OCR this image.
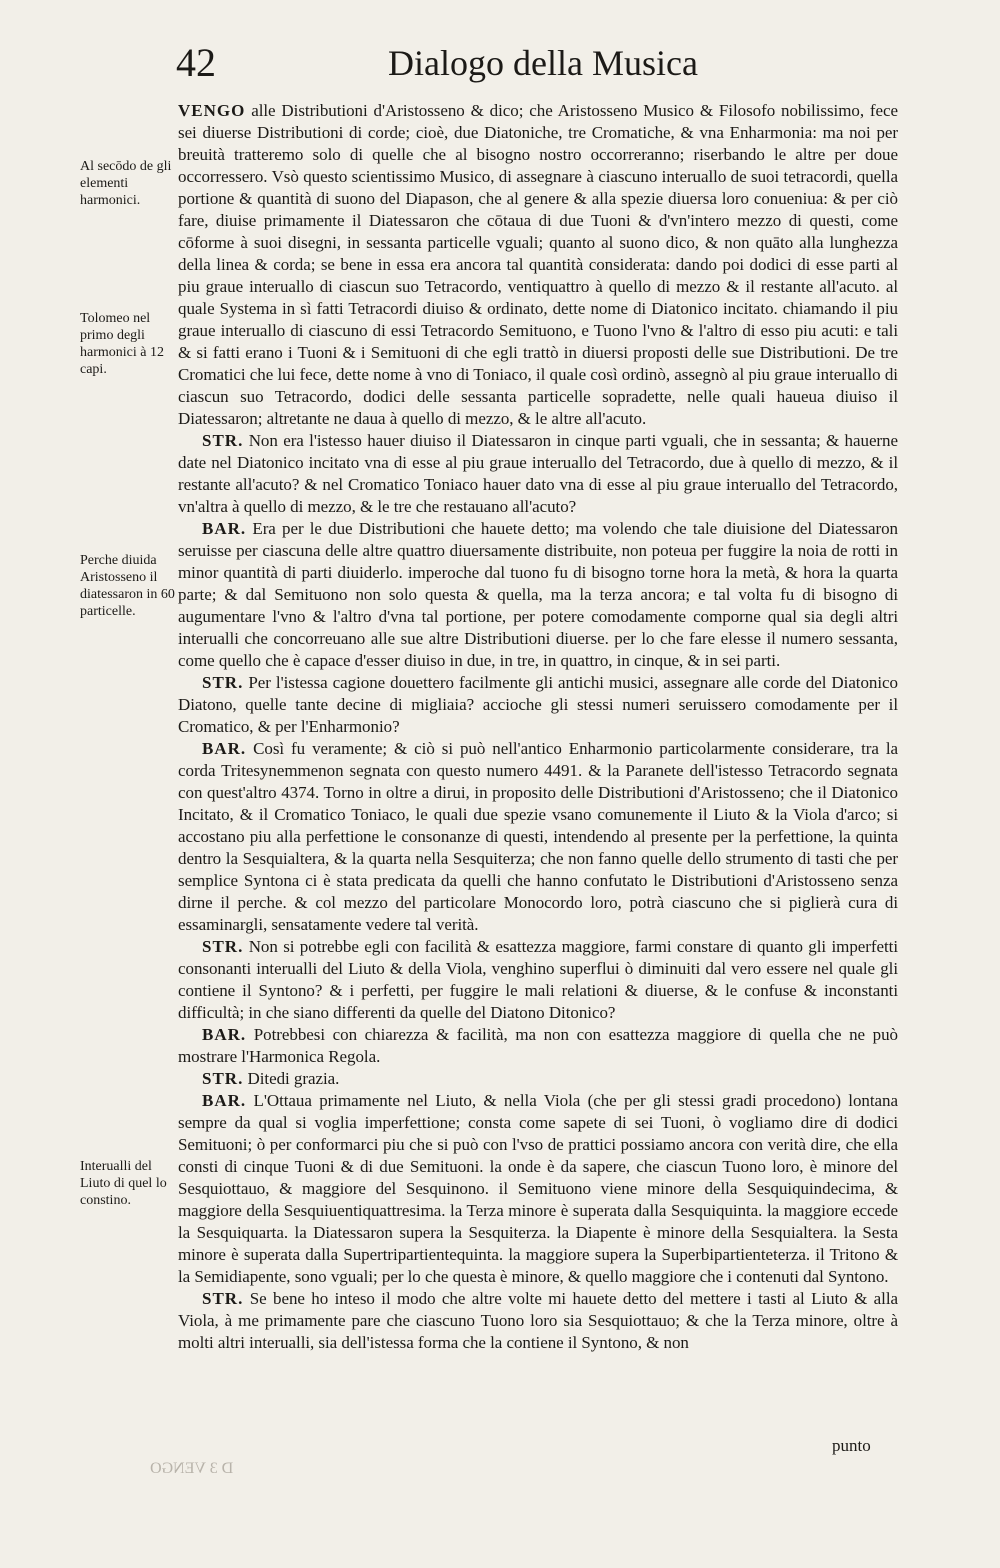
42	Dialogo della Musica
Al secōdo de gli elementi harmonici.
Tolomeo nel primo degli harmonici à 12 capi.
Perche diuida Aristosseno il diatessaron in 60 particelle.
Interualli del Liuto di quel lo constino.

VENGO alle Distributioni d'Aristosseno & dico; che Aristosseno Musico & Filosofo nobilissimo, fece sei diuerse Distributioni di corde; cioè, due Diatoniche, tre Cromatiche, & vna Enharmonia: ma noi per breuità tratteremo solo di quelle che al bisogno nostro occorreranno; riserbando le altre per doue occorressero. Vsò questo scientissimo Musico, di assegnare à ciascuno interuallo de suoi tetracordi, quella portione & quantità di suono del Diapason, che al genere & alla spezie diuersa loro conueniua: & per ciò fare, diuise primamente il Diatessaron che cōtaua di due Tuoni & d'vn'intero mezzo di questi, come cōforme à suoi disegni, in sessanta particelle vguali; quanto al suono dico, & non quāto alla lunghezza della linea & corda; se bene in essa era ancora tal quantità considerata: dando poi dodici di esse parti al piu graue interuallo di ciascun suo Tetracordo, ventiquattro à quello di mezzo & il restante all'acuto. al quale Systema in sì fatti Tetracordi diuiso & ordinato, dette nome di Diatonico incitato. chiamando il piu graue interuallo di ciascuno di essi Tetracordo Semituono, e Tuono l'vno & l'altro di esso piu acuti: e tali & si fatti erano i Tuoni & i Semituoni di che egli trattò in diuersi proposti delle sue Distributioni. De tre Cromatici che lui fece, dette nome à vno di Toniaco, il quale così ordinò, assegnò al piu graue interuallo di ciascun suo Tetracordo, dodici delle sessanta particelle sopradette, nelle quali haueua diuiso il Diatessaron; altretante ne daua à quello di mezzo, & le altre all'acuto.

STR. Non era l'istesso hauer diuiso il Diatessaron in cinque parti vguali, che in sessanta; & hauerne date nel Diatonico incitato vna di esse al piu graue interuallo del Tetracordo, due à quello di mezzo, & il restante all'acuto? & nel Cromatico Toniaco hauer dato vna di esse al piu graue interuallo del Tetracordo, vn'altra à quello di mezzo, & le tre che restauano all'acuto?

BAR. Era per le due Distributioni che hauete detto; ma volendo che tale diuisione del Diatessaron seruisse per ciascuna delle altre quattro diuersamente distribuite, non poteua per fuggire la noia de rotti in minor quantità di parti diuiderlo. imperoche dal tuono fu di bisogno torne hora la metà, & hora la quarta parte; & dal Semituono non solo questa & quella, ma la terza ancora; e tal volta fu di bisogno di augumentare l'vno & l'altro d'vna tal portione, per potere comodamente comporne qual sia degli altri interualli che concorreuano alle sue altre Distributioni diuerse. per lo che fare elesse il numero sessanta, come quello che è capace d'esser diuiso in due, in tre, in quattro, in cinque, & in sei parti.

STR. Per l'istessa cagione douettero facilmente gli antichi musici, assegnare alle corde del Diatonico Diatono, quelle tante decine di migliaia? accioche gli stessi numeri seruissero comodamente per il Cromatico, & per l'Enharmonio?

BAR. Così fu veramente; & ciò si può nell'antico Enharmonio particolarmente considerare, tra la corda Tritesynemmenon segnata con questo numero 4491. & la Paranete dell'istesso Tetracordo segnata con quest'altro 4374. Torno in oltre a dirui, in proposito delle Distributioni d'Aristosseno; che il Diatonico Incitato, & il Cromatico Toniaco, le quali due spezie vsano comunemente il Liuto & la Viola d'arco; si accostano piu alla perfettione le consonanze di questi, intendendo al presente per la perfettione, la quinta dentro la Sesquialtera, & la quarta nella Sesquiterza; che non fanno quelle dello strumento di tasti che per semplice Syntona ci è stata predicata da quelli che hanno confutato le Distributioni d'Aristosseno senza dirne il perche. & col mezzo del particolare Monocordo loro, potrà ciascuno che si piglierà cura di essaminargli, sensatamente vedere tal verità.

STR. Non si potrebbe egli con facilità & esattezza maggiore, farmi constare di quanto gli imperfetti consonanti interualli del Liuto & della Viola, venghino superflui ò diminuiti dal vero essere nel quale gli contiene il Syntono? & i perfetti, per fuggire le mali relationi & diuerse, & le confuse & inconstanti difficultà; in che siano differenti da quelle del Diatono Ditonico?

BAR. Potrebbesi con chiarezza & facilità, ma non con esattezza maggiore di quella che ne può mostrare l'Harmonica Regola.

STR. Ditedi grazia.

BAR. L'Ottaua primamente nel Liuto, & nella Viola (che per gli stessi gradi procedono) lontana sempre da qual si voglia imperfettione; consta come sapete di sei Tuoni, ò vogliamo dire di dodici Semituoni; ò per conformarci piu che si può con l'vso de prattici possiamo ancora con verità dire, che ella consti di cinque Tuoni & di due Semituoni. la onde è da sapere, che ciascun Tuono loro, è minore del Sesquiottauo, & maggiore del Sesquinono. il Semituono viene minore della Sesquiquindecima, & maggiore della Sesquiuentiquattresima. la Terza minore è superata dalla Sesquiquinta. la maggiore eccede la Sesquiquarta. la Diatessaron supera la Sesquiterza. la Diapente è minore della Sesquialtera. la Sesta minore è superata dalla Supertripartientequinta. la maggiore supera la Superbipartienteterza. il Tritono & la Semidiapente, sono vguali; per lo che questa è minore, & quello maggiore che i contenuti dal Syntono.

STR. Se bene ho inteso il modo che altre volte mi hauete detto del mettere i tasti al Liuto & alla Viola, à me primamente pare che ciascuno Tuono loro sia Sesquiottauo; & che la Terza minore, oltre à molti altri interualli, sia dell'istessa forma che la contiene il Syntono, & non

punto
D 3 VENGO
